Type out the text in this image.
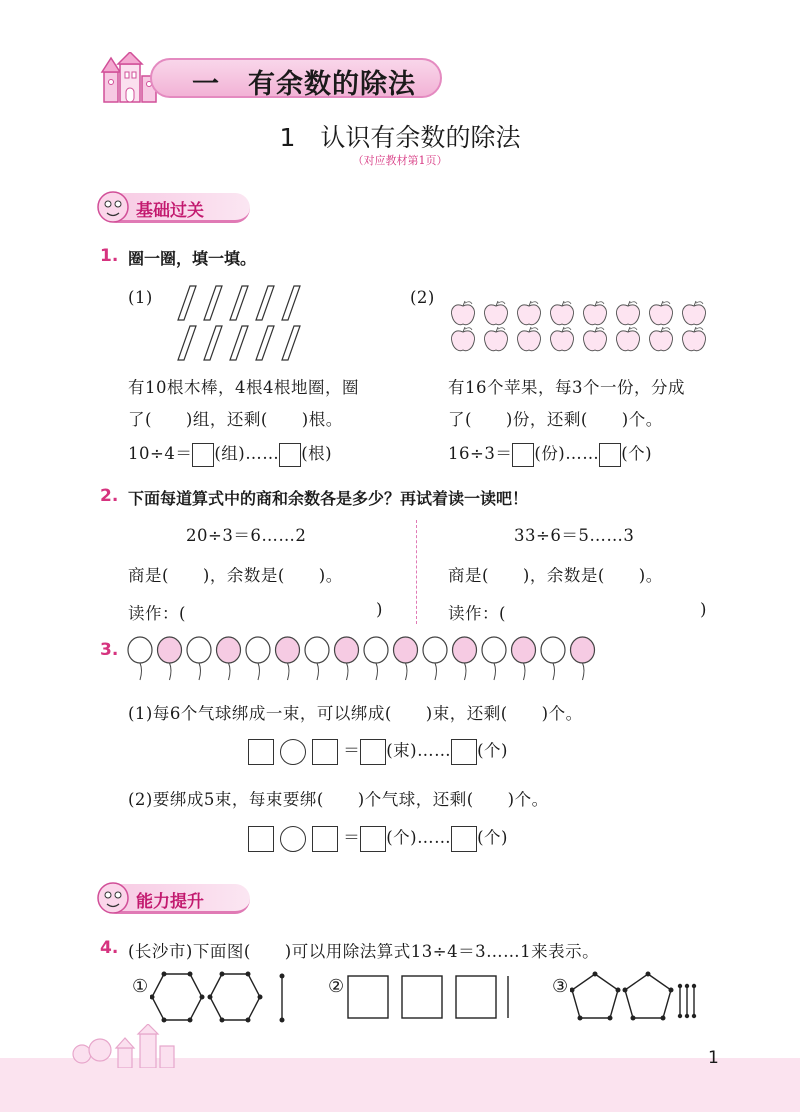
一　有余数的除法
1　认识有余数的除法
（对应教材第1页）
基础过关
1. 圈一圈，填一填。
(1)
有10根木棒，4根4根地圈，圈
了(　　)组，还剩(　　)根。
10÷4＝ (组)…… (根)
(2)
有16个苹果，每3个一份，分成
了(　　)份，还剩(　　)个。
16÷3＝ (份)…… (个)
2. 下面每道算式中的商和余数各是多少？再试着读一读吧！
20÷3＝6……2
商是(　　)，余数是(　　)。
读作：(	)
33÷6＝5……3
商是(　　)，余数是(　　)。
读作：(	)
3.
(1)每6个气球绑成一束，可以绑成(　　)束，还剩(　　)个。
＝ (束)…… (个)
(2)要绑成5束，每束要绑(　　)个气球，还剩(　　)个。
＝ (个)…… (个)
能力提升
4. (长沙市)下面图(　　)可以用除法算式13÷4＝3……1来表示。
①	②	③
1
